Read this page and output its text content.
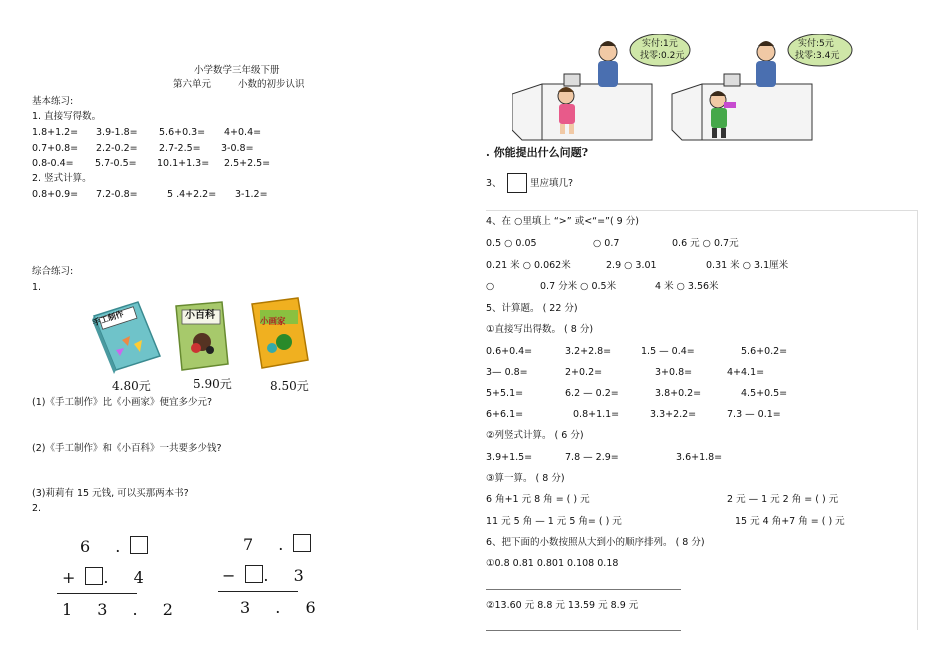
小学数学三年级下册
第六单元	小数的初步认识
基本练习:
1. 直接写得数。
1.8+1.2= 3.9-1.8= 5.6+0.3= 4+0.4=
0.7+0.8= 2.2-0.2= 2.7-2.5= 3-0.8=
0.8-0.4= 5.7-0.5= 10.1+1.3= 2.5+2.5=
2. 竖式计算。
0.8+0.9= 7.2-0.8=	5 .4+2.2= 3-1.2=
综合练习:
1.
手工制作	小百科
小画家
4.80元	5.90元	8.50元
(1)《手工制作》比《小画家》便宜多少元?
(2)《手工制作》和《小百科》一共要多少钱?
(3)莉莉有 15 元钱, 可以买那两本书?
2.
6 .
+ . 4
1 3 . 2
7 .
− . 3
3 . 6
实付:1元
找零:0.2元
实付:5元
找零:3.4元
. 你能提出什么问题?
3、	里应填几?
4、在 ○里填上 “>” 或<“=”( 9 分)
0.5 ○ 0.05	○ 0.7	0.6 元 ○ 0.7元
0.21 米 ○ 0.062米	2.9 ○ 3.01	0.31 米 ○ 3.1厘米
○	0.7 分米 ○ 0.5米	4 米 ○ 3.56米
5、计算题。 ( 22 分)
①直接写出得数。 ( 8 分)
0.6+0.4=	3.2+2.8=	1.5 — 0.4=	5.6+0.2=
3— 0.8=	2+0.2=	3+0.8=	4+4.1=
5+5.1=	6.2 — 0.2=	3.8+0.2=	4.5+0.5=
6+6.1=	0.8+1.1=	3.3+2.2=	7.3 — 0.1=
②列竖式计算。 ( 6 分)
3.9+1.5=	7.8 — 2.9=	3.6+1.8=
③算一算。 ( 8 分)
6 角+1 元 8 角 = ( ) 元	2 元 — 1 元 2 角 = ( ) 元
11 元 5 角 — 1 元 5 角= ( ) 元	15 元 4 角+7 角 = ( ) 元
6、把下面的小数按照从大到小的顺序排列。 ( 8 分)
①0.8 0.81 0.801 0.108 0.18
②13.60 元 8.8 元 13.59 元 8.9 元
